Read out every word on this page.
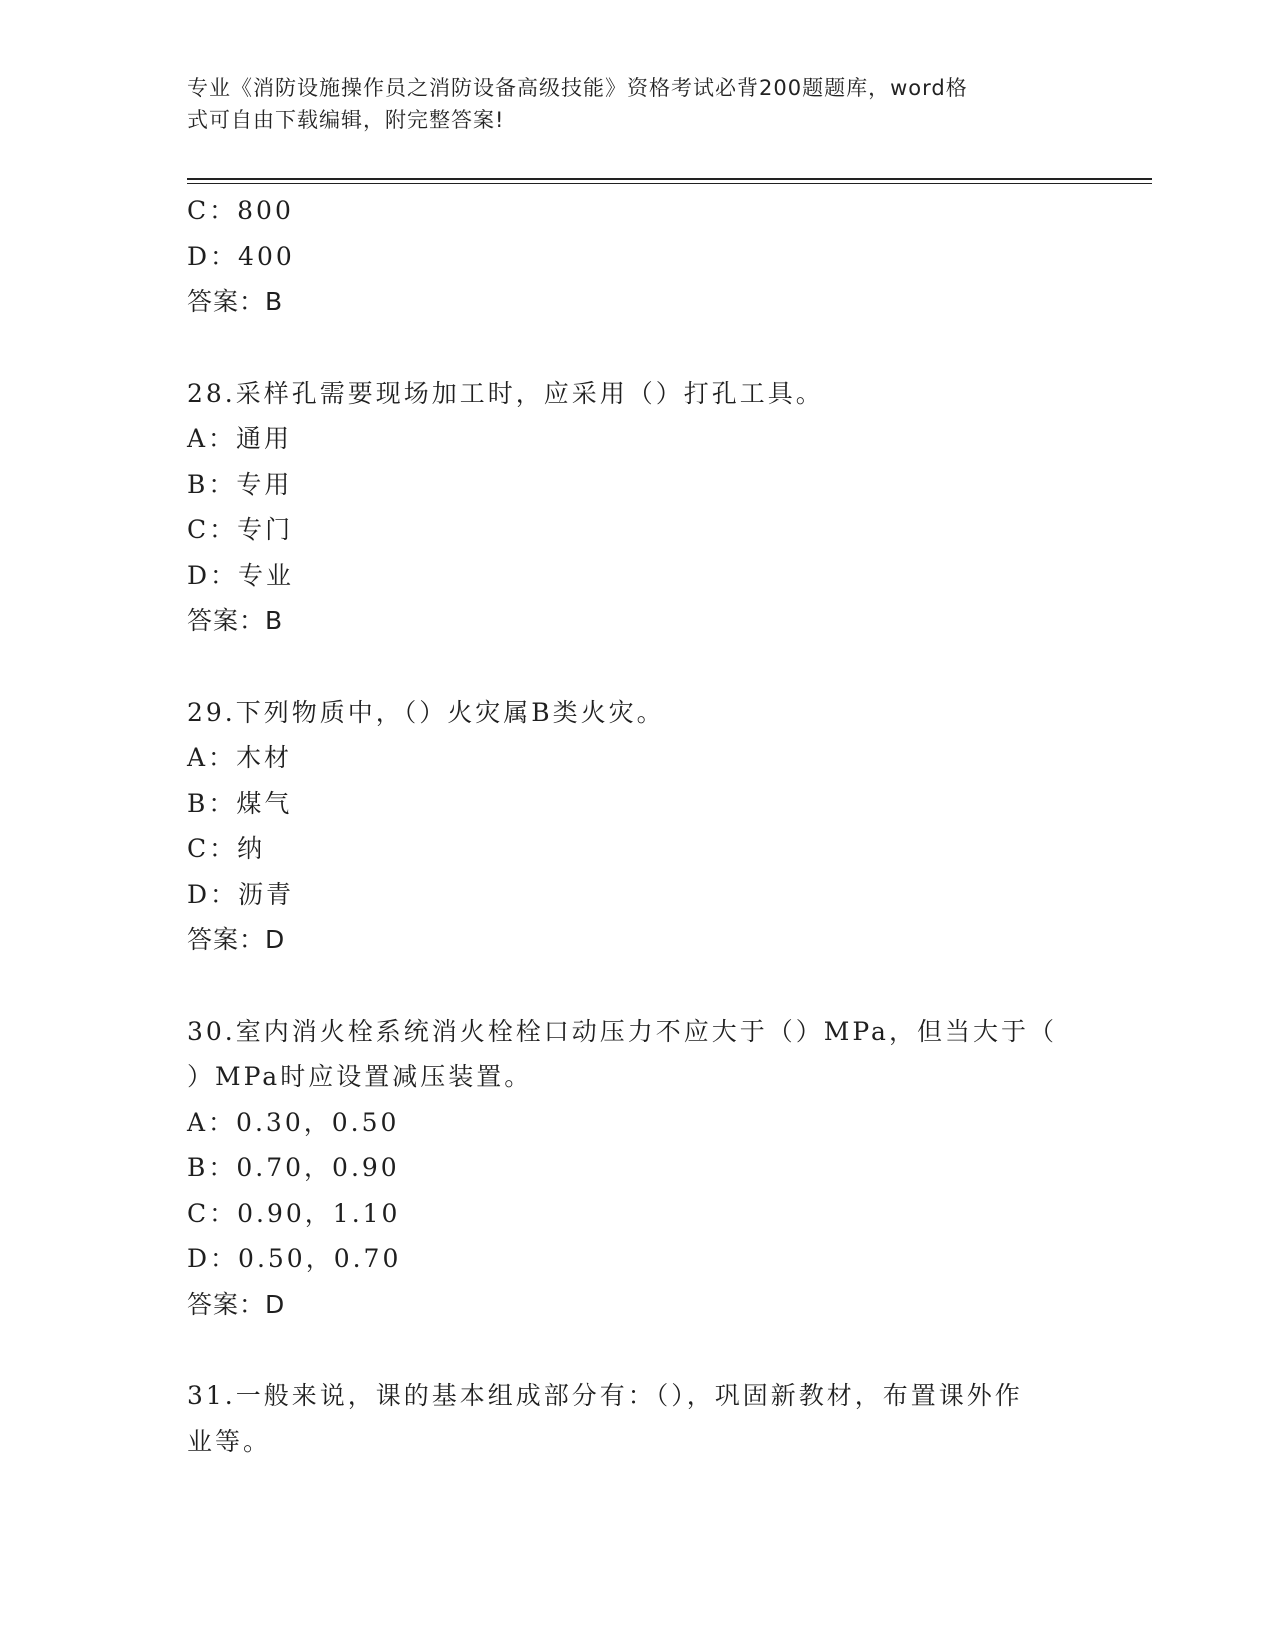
专业《消防设施操作员之消防设备高级技能》资格考试必背200题题库，word格
式可自由下载编辑，附完整答案!
C：800
D：400
答案：B
28.采样孔需要现场加工时，应采用（）打孔工具。
A：通用
B：专用
C：专门
D：专业
答案：B
29.下列物质中，（）火灾属B类火灾。
A：木材
B：煤气
C：纳
D：沥青
答案：D
30.室内消火栓系统消火栓栓口动压力不应大于（）MPa，但当大于（
）MPa时应设置减压装置。
A：0.30，0.50
B：0.70，0.90
C：0.90，1.10
D：0.50，0.70
答案：D
31.一般来说，课的基本组成部分有：（），巩固新教材，布置课外作
业等。
